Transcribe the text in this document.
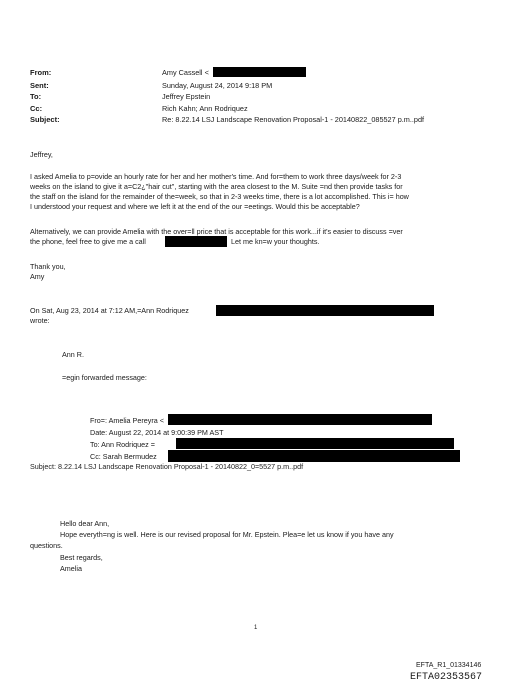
From:	Amy Cassell <
Sent:	Sunday, August 24, 2014 9:18 PM
To:	Jeffrey Epstein
Cc:	Rich Kahn; Ann Rodriquez
Subject:	Re: 8.22.14 LSJ Landscape Renovation Proposal-1 - 20140822_085527 p.m..pdf
Jeffrey,
I asked Amelia to p=ovide an hourly rate for her and her mother's time. And for=them to work three days/week for 2-3
weeks on the island to give it a=C2¿"hair cut", starting with the area closest to the M. Suite =nd then provide tasks for
the staff on the island for the remainder of the=week, so that in 2-3 weeks time, there is a lot accomplished. This i= how
I understood your request and where we left it at the end of the our =eetings. Would this be acceptable?
Alternatively, we can provide Amelia with the over=ll price that is acceptable for this work...if it's easier to discuss =ver
the phone, feel free to give me a call	Let me kn=w your thoughts.
Thank you,
Amy
On Sat, Aug 23, 2014 at 7:12 AM,=Ann Rodriquez
wrote:
Ann R.
=egin forwarded message:
Fro=: Amelia Pereyra <
Date: August 22, 2014 at 9:00:39 PM AST
To: Ann Rodriquez =
Cc: Sarah Bermudez
Subject: 8.22.14 LSJ Landscape Renovation Proposal-1 - 20140822_0=5527 p.m..pdf
Hello dear Ann,
Hope everyth=ng is well. Here is our revised proposal for Mr. Epstein. Plea=e let us know if you have any
questions.
Best regards,
Amelia
1
EFTA_R1_01334146
EFTA02353567
